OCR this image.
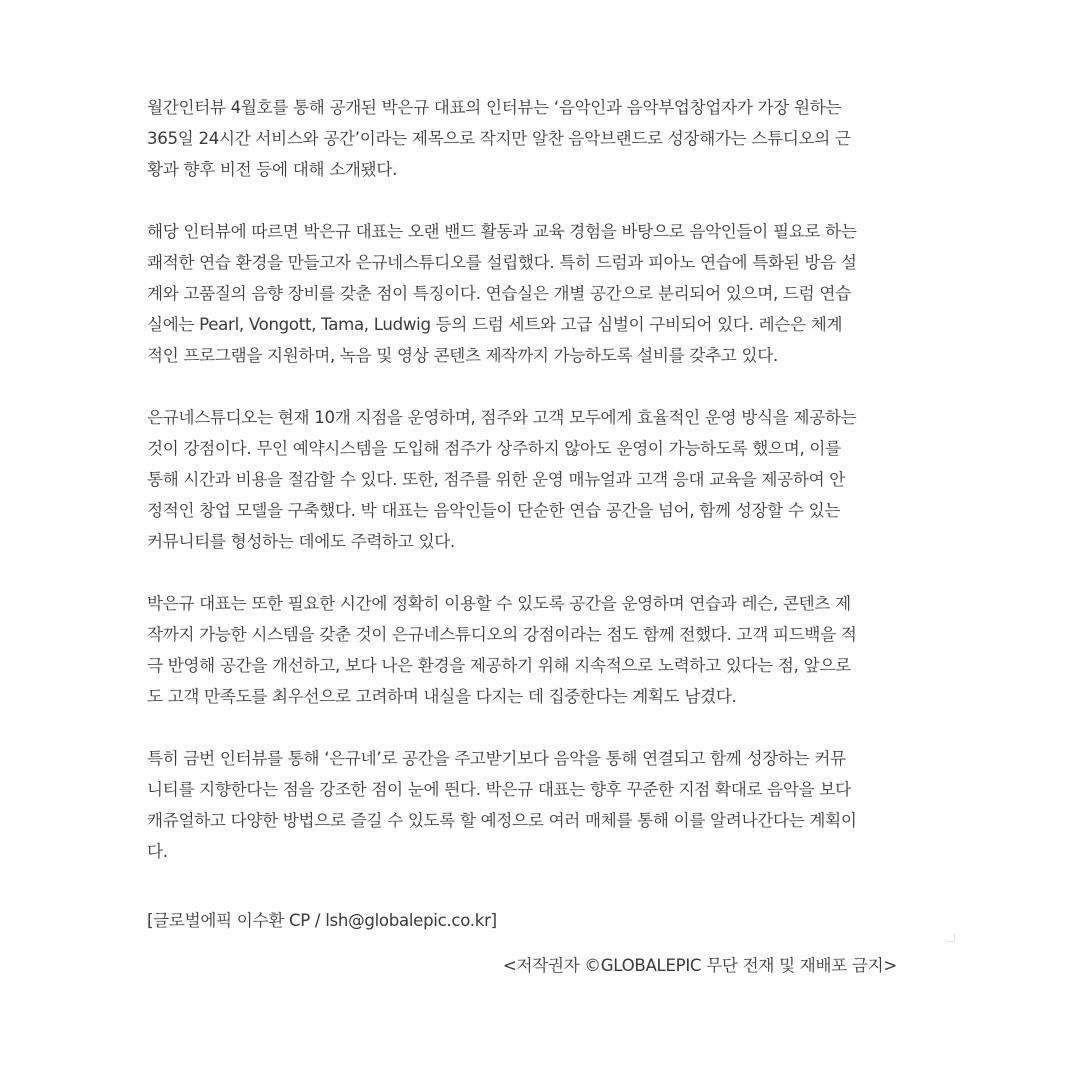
월간인터뷰 4월호를 통해 공개된 박은규 대표의 인터뷰는 ‘음악인과 음악부업창업자가 가장 원하는
365일 24시간 서비스와 공간’이라는 제목으로 작지만 알찬 음악브랜드로 성장해가는 스튜디오의 근
황과 향후 비전 등에 대해 소개됐다.
해당 인터뷰에 따르면 박은규 대표는 오랜 밴드 활동과 교육 경험을 바탕으로 음악인들이 필요로 하는
쾌적한 연습 환경을 만들고자 은규네스튜디오를 설립했다. 특히 드럼과 피아노 연습에 특화된 방음 설
계와 고품질의 음향 장비를 갖춘 점이 특징이다. 연습실은 개별 공간으로 분리되어 있으며, 드럼 연습
실에는 Pearl, Vongott, Tama, Ludwig 등의 드럼 세트와 고급 심벌이 구비되어 있다. 레슨은 체계
적인 프로그램을 지원하며, 녹음 및 영상 콘텐츠 제작까지 가능하도록 설비를 갖추고 있다.
은규네스튜디오는 현재 10개 지점을 운영하며, 점주와 고객 모두에게 효율적인 운영 방식을 제공하는
것이 강점이다. 무인 예약시스템을 도입해 점주가 상주하지 않아도 운영이 가능하도록 했으며, 이를
통해 시간과 비용을 절감할 수 있다. 또한, 점주를 위한 운영 매뉴얼과 고객 응대 교육을 제공하여 안
정적인 창업 모델을 구축했다. 박 대표는 음악인들이 단순한 연습 공간을 넘어, 함께 성장할 수 있는
커뮤니티를 형성하는 데에도 주력하고 있다.
박은규 대표는 또한 필요한 시간에 정확히 이용할 수 있도록 공간을 운영하며 연습과 레슨, 콘텐츠 제
작까지 가능한 시스템을 갖춘 것이 은규네스튜디오의 강점이라는 점도 함께 전했다. 고객 피드백을 적
극 반영해 공간을 개선하고, 보다 나은 환경을 제공하기 위해 지속적으로 노력하고 있다는 점, 앞으로
도 고객 만족도를 최우선으로 고려하며 내실을 다지는 데 집중한다는 계획도 남겼다.
특히 금번 인터뷰를 통해 ‘은규네’로 공간을 주고받기보다 음악을 통해 연결되고 함께 성장하는 커뮤
니티를 지향한다는 점을 강조한 점이 눈에 띈다. 박은규 대표는 향후 꾸준한 지점 확대로 음악을 보다
캐쥬얼하고 다양한 방법으로 즐길 수 있도록 할 예정으로 여러 매체를 통해 이를 알려나간다는 계획이
다.
[글로벌에픽 이수환 CP / lsh@globalepic.co.kr]
<저작권자 ©GLOBALEPIC 무단 전재 및 재배포 금지>
